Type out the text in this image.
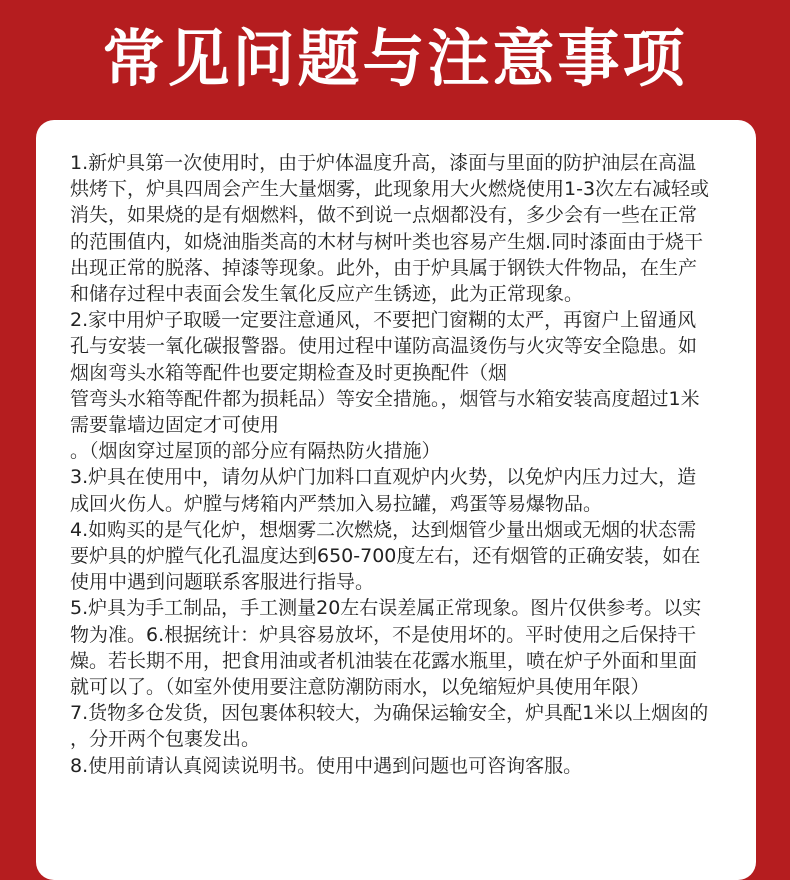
常见问题与注意事项

1.新炉具第一次使用时，由于炉体温度升高，漆面与里面的防护油层在高温

烘烤下，炉具四周会产生大量烟雾，此现象用大火燃烧使用1-3次左右减轻或

消失，如果烧的是有烟燃料，做不到说一点烟都没有，多少会有一些在正常

的范围值内，如烧油脂类高的木材与树叶类也容易产生烟.同时漆面由于烧干

出现正常的脱落、掉漆等现象。此外，由于炉具属于钢铁大件物品，在生产

和储存过程中表面会发生氧化反应产生锈迹，此为正常现象。

2.家中用炉子取暖一定要注意通风，不要把门窗糊的太严，再窗户上留通风

孔与安装一氧化碳报警器。使用过程中谨防高温烫伤与火灾等安全隐患。如

烟囱弯头水箱等配件也要定期检查及时更换配件（烟

管弯头水箱等配件都为损耗品）等安全措施。，烟管与水箱安装高度超过1米

需要靠墙边固定才可使用

。（烟囱穿过屋顶的部分应有隔热防火措施）

3.炉具在使用中，请勿从炉门加料口直观炉内火势，以免炉内压力过大，造

成回火伤人。炉膛与烤箱内严禁加入易拉罐，鸡蛋等易爆物品。

4.如购买的是气化炉，想烟雾二次燃烧，达到烟管少量出烟或无烟的状态需

要炉具的炉膛气化孔温度达到650-700度左右，还有烟管的正确安装，如在

使用中遇到问题联系客服进行指导。

5.炉具为手工制品，手工测量20左右误差属正常现象。图片仅供参考。以实

物为准。6.根据统计：炉具容易放坏，不是使用坏的。平时使用之后保持干

燥。若长期不用，把食用油或者机油装在花露水瓶里，喷在炉子外面和里面

就可以了。（如室外使用要注意防潮防雨水，以免缩短炉具使用年限）

7.货物多仓发货，因包裹体积较大，为确保运输安全，炉具配1米以上烟囱的

，分开两个包裹发出。

8.使用前请认真阅读说明书。使用中遇到问题也可咨询客服。
